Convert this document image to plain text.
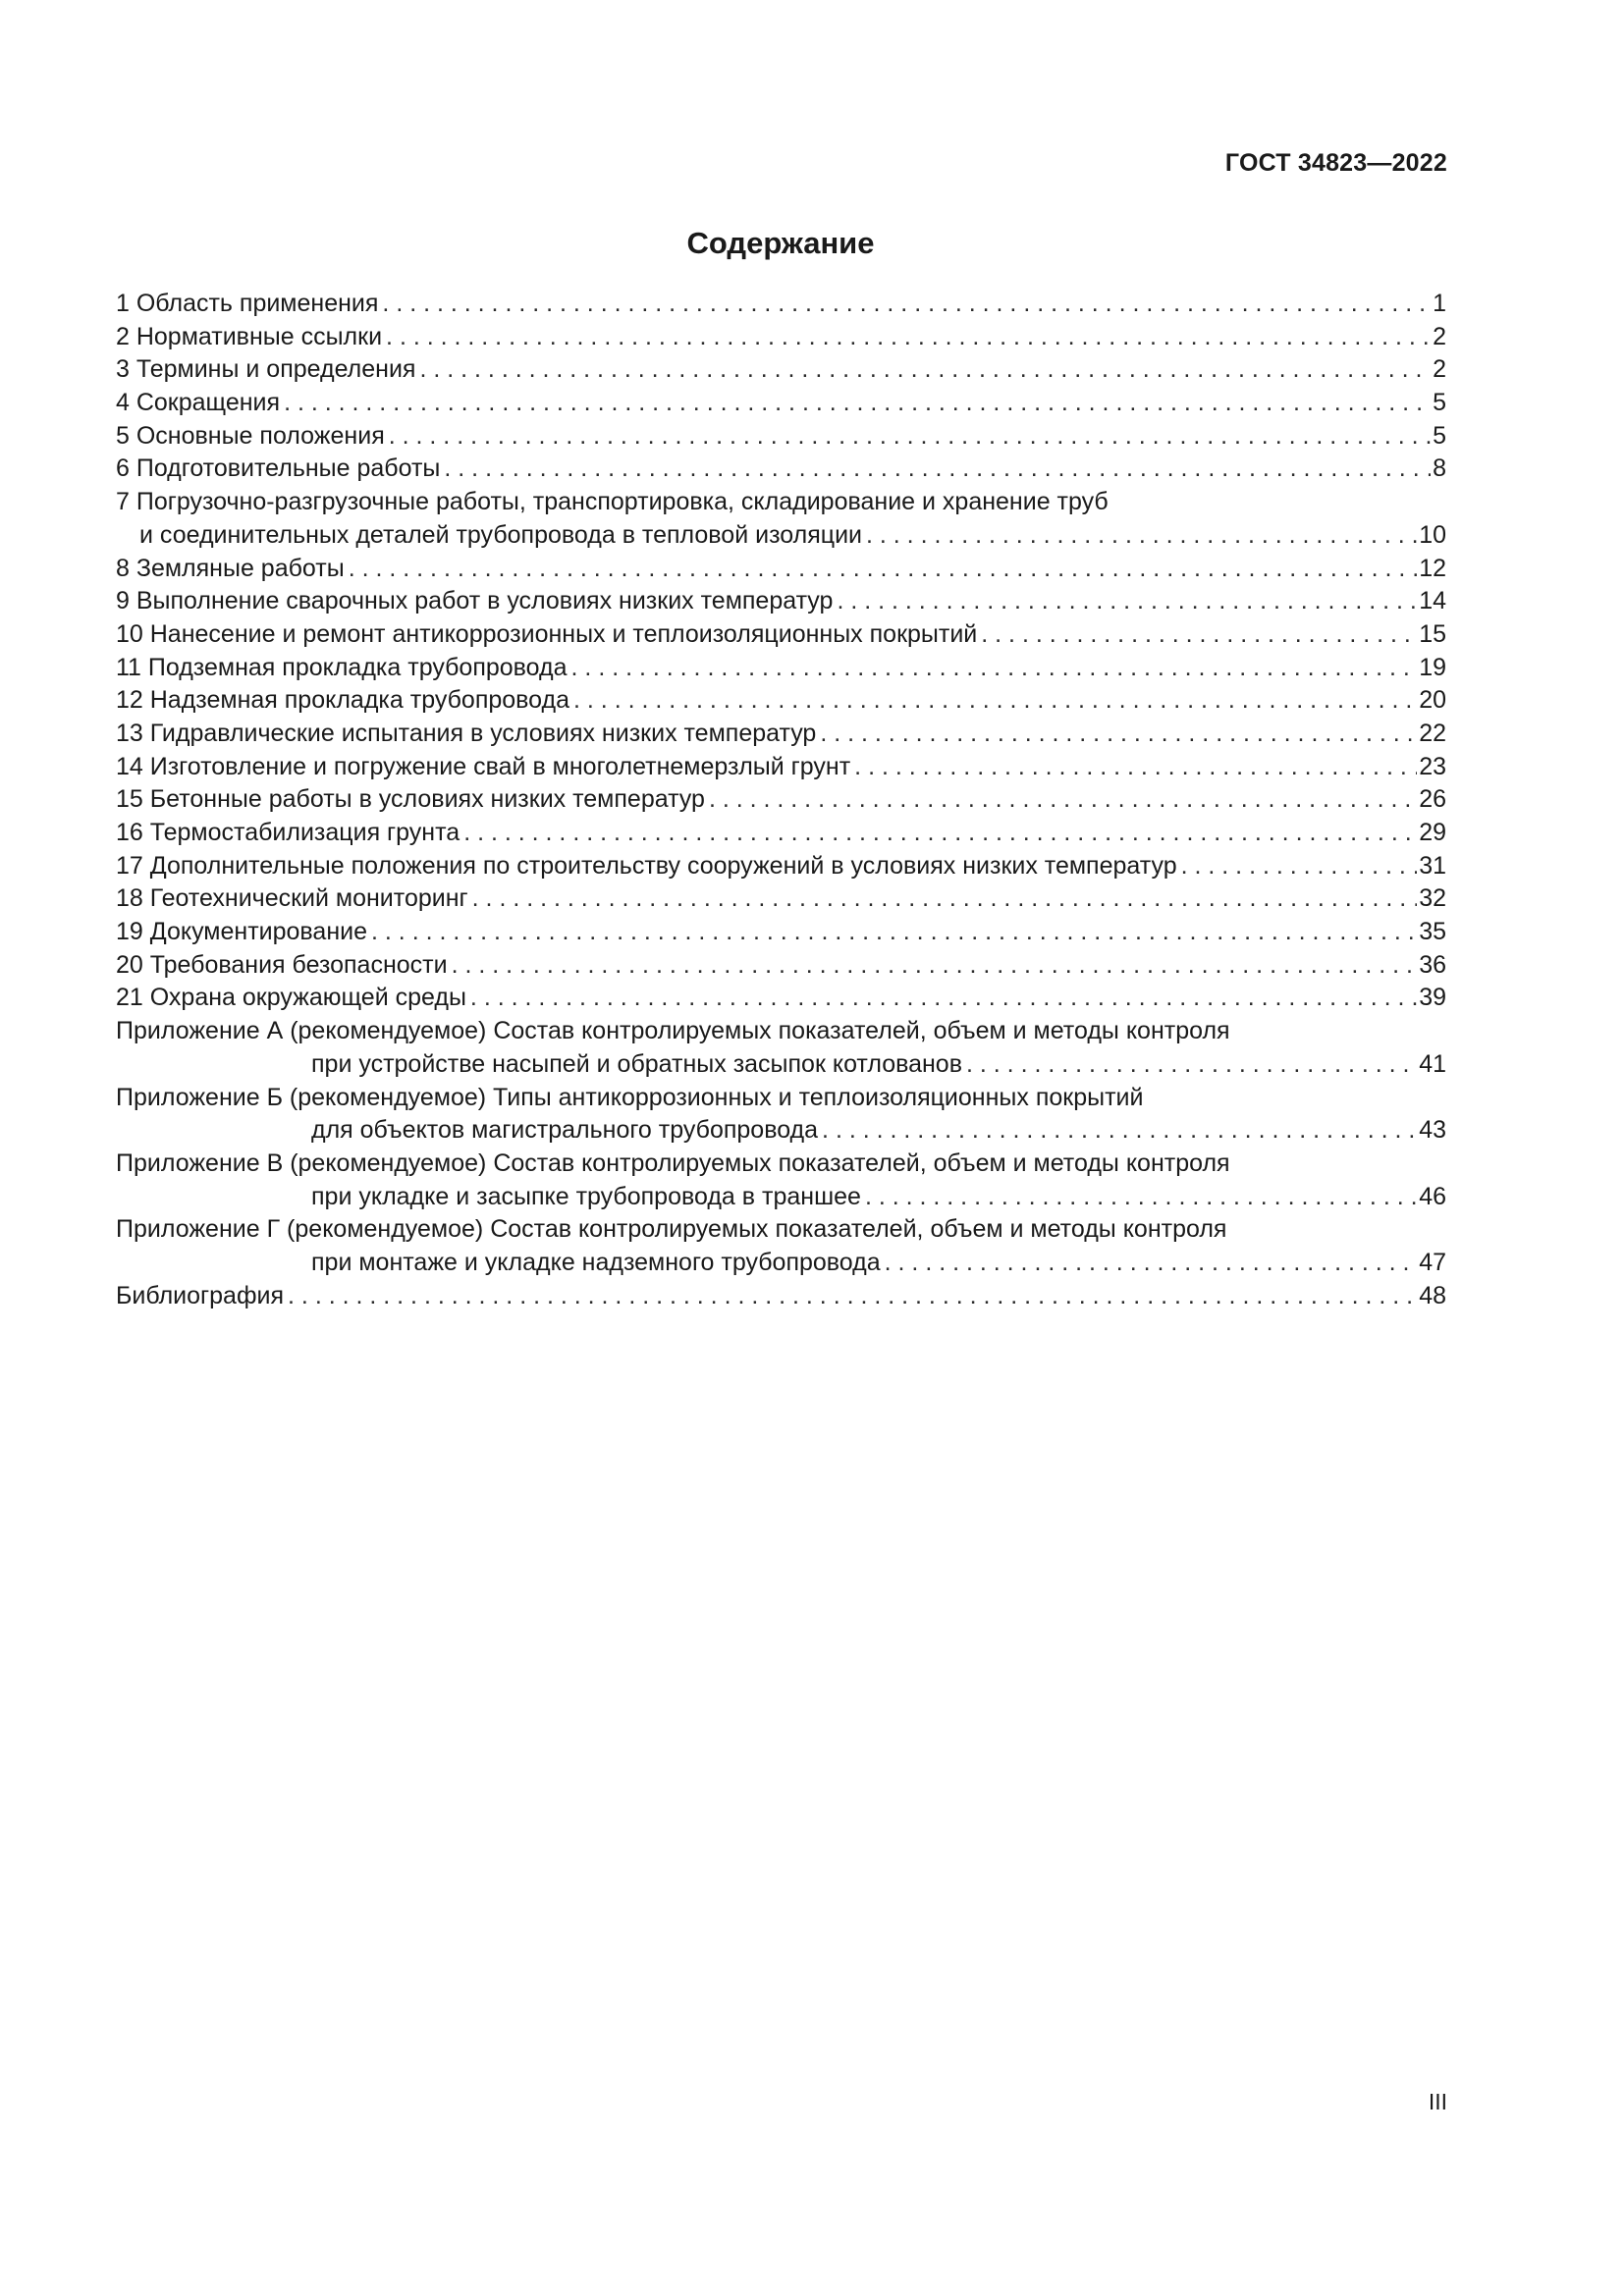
ГОСТ 34823—2022
Содержание
1 Область применения . . .	1
2 Нормативные ссылки . . .	2
3 Термины и определения . . .	2
4 Сокращения . . .	5
5 Основные положения . . .	5
6 Подготовительные работы . . .	8
7 Погрузочно-разгрузочные работы, транспортировка, складирование и хранение труб
и соединительных деталей трубопровода в тепловой изоляции . . .	10
8 Земляные работы . . .	12
9 Выполнение сварочных работ в условиях низких температур . . .	14
10 Нанесение и ремонт антикоррозионных и теплоизоляционных покрытий . . .	15
11 Подземная прокладка трубопровода . . .	19
12 Надземная прокладка трубопровода . . .	20
13 Гидравлические испытания в условиях низких температур . . .	22
14 Изготовление и погружение свай в многолетнемерзлый грунт . . .	23
15 Бетонные работы в условиях низких температур . . .	26
16 Термостабилизация грунта . . .	29
17 Дополнительные положения по строительству сооружений в условиях низких температур . . .	31
18 Геотехнический мониторинг . . .	32
19 Документирование . . .	35
20 Требования безопасности . . .	36
21 Охрана окружающей среды . . .	39
Приложение А (рекомендуемое) Состав контролируемых показателей, объем и методы контроля
при устройстве насыпей и обратных засыпок котлованов . . .	41
Приложение Б (рекомендуемое) Типы антикоррозионных и теплоизоляционных покрытий
для объектов магистрального трубопровода . . .	43
Приложение В (рекомендуемое) Состав контролируемых показателей, объем и методы контроля
при укладке и засыпке трубопровода в траншее . . .	46
Приложение Г (рекомендуемое) Состав контролируемых показателей, объем и методы контроля
при монтаже и укладке надземного трубопровода . . .	47
Библиография . . .	48
III
